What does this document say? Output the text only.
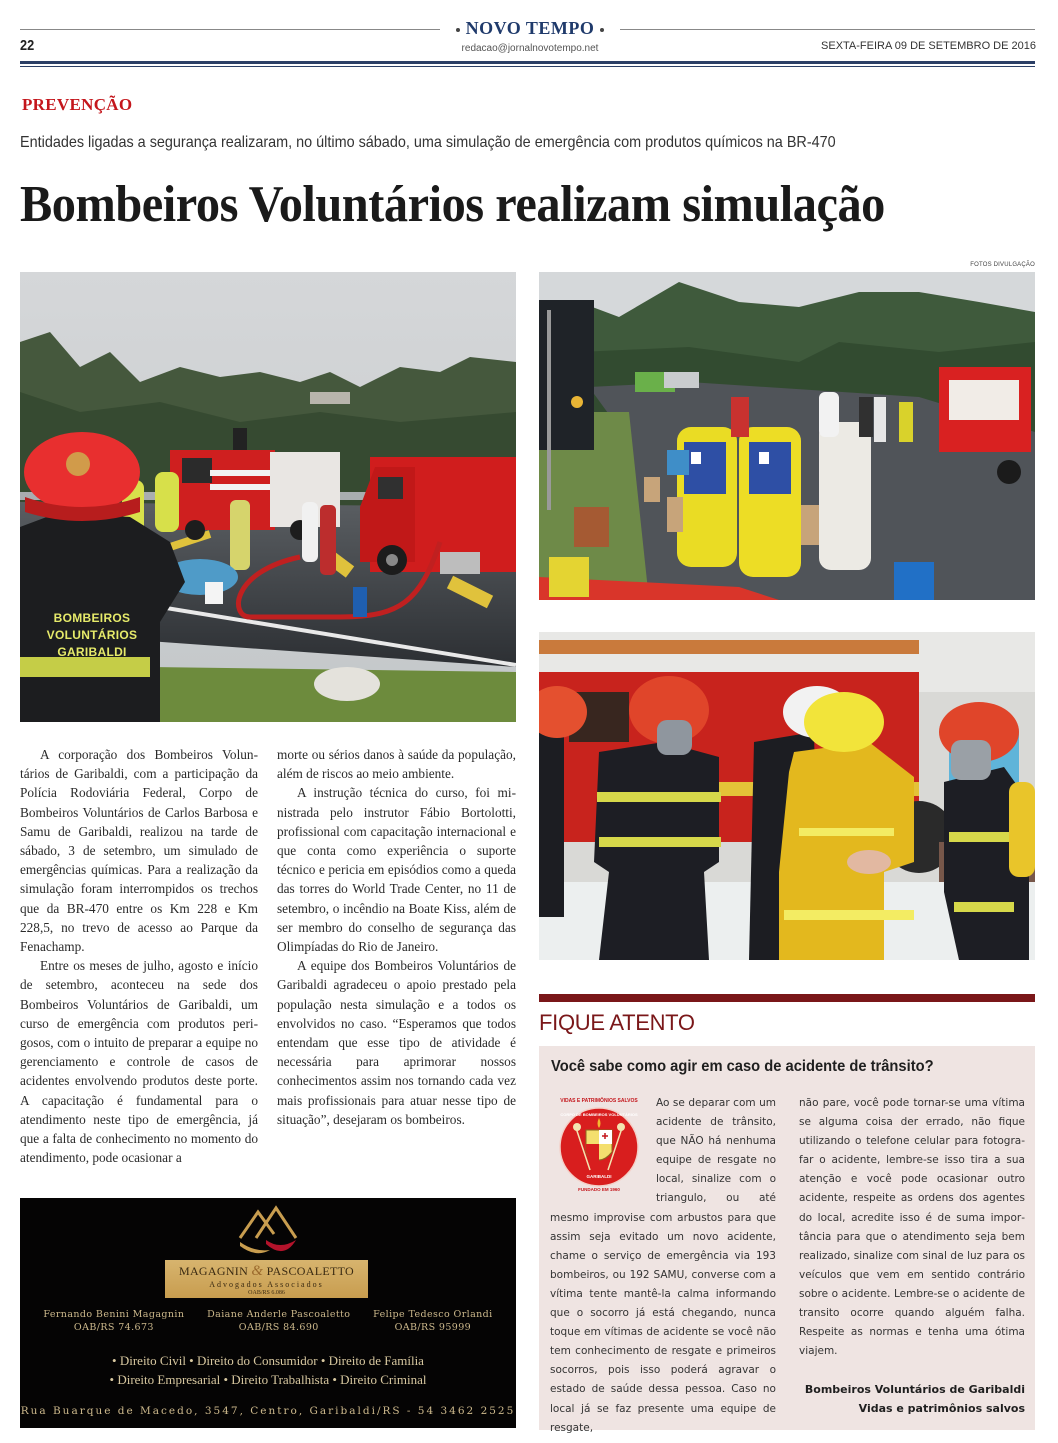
NOVO TEMPO
22	redacao@jornalnovotempo.net	SEXTA-FEIRA 09 DE SETEMBRO DE 2016
PREVENÇÃO
Entidades ligadas a segurança realizaram, no último sábado, uma simulação de emergência com produtos químicos na BR-470
Bombeiros Voluntários realizam simulação
FOTOS DIVULGAÇÃO
BOMBEIROS VOLUNTÁRIOS GARIBALDI

A corporação dos Bombeiros Voluntários de Garibaldi, com a participação da Polícia Rodoviária Federal, Corpo de Bombeiros Voluntários de Carlos Barbosa e Samu de Garibaldi, realizou na tarde de sábado, 3 de setembro, um simulado de emergências químicas. Para a realização da simulação foram interrompidos os trechos que da BR-470 entre os Km 228 e Km 228,5, no trevo de acesso ao Parque da Fenachamp.

Entre os meses de julho, agosto e início de setembro, aconteceu na sede dos Bombeiros Voluntários de Garibaldi, um curso de emergência com produtos perigosos, com o intuito de preparar a equipe no gerenciamento e controle de casos de acidentes envolvendo produtos deste porte. A capacitação é fundamental para o atendimento neste tipo de emergência, já que a falta de conhecimento no momento do atendimento, pode ocasionar a

morte ou sérios danos à saúde da população, além de riscos ao meio ambiente.

A instrução técnica do curso, foi ministrada pelo instrutor Fábio Bortolotti, profissional com capacitação internacional e que conta como experiência o suporte técnico e pericia em episódios como a queda das torres do World Trade Center, no 11 de setembro, o incêndio na Boate Kiss, além de ser membro do conselho de segurança das Olimpíadas do Rio de Janeiro.

A equipe dos Bombeiros Voluntários de Garibaldi agradeceu o apoio prestado pela população nesta simulação e a todos os envolvidos no caso. “Esperamos que todos entendam que esse tipo de atividade é necessária para aprimorar nossos conhecimentos assim nos tornando cada vez mais profissionais para atuar nesse tipo de situação”, desejaram os bombeiros.

MAGAGNIN & PASCOALETTO
Advogados Associados
OAB/RS 6.086
Fernando Benini Magagnin
OAB/RS 74.673
Daiane Anderle Pascoaletto
OAB/RS 84.690
Felipe Tedesco Orlandi
OAB/RS 95999
• Direito Civil • Direito do Consumidor • Direito de Família
• Direito Empresarial • Direito Trabalhista • Direito Criminal
Rua Buarque de Macedo, 3547, Centro, Garibaldi/RS - 54 3462 2525
FIQUE ATENTO
Você sabe como agir em caso de acidente de trânsito?
VIDAS E PATRIMÔNIOS SALVOS
GARIBALDI
FUNDADO EM 1960
CORPO DE BOMBEIROS VOLUNTÁRIOS
Ao se deparar com um acidente de trânsito, que NÃO há nenhuma equipe de resgate no local, sinalize com o triangulo, ou até mesmo improvise com arbustos para que assim seja evitado um novo acidente, chame o serviço de emergência via 193 bombeiros, ou 192 SAMU, converse com a vítima tente mantê-la calma informando que o socorro já está chegando, nunca toque em vítimas de acidente se você não tem conhecimento de resgate e primeiros socorros, pois isso poderá agravar o estado de saúde dessa pessoa. Caso no local já se faz presente uma equipe de resgate,
não pare, você pode tornar-se uma vítima se alguma coisa der errado, não fique utilizando o telefone celular para fotografar o acidente, lembre-se isso tira a sua atenção e você pode ocasionar outro acidente, respeite as ordens dos agentes do local, acredite isso é de suma importância para que o atendimento seja bem realizado, sinalize com sinal de luz para os veículos que vem em sentido contrário sobre o acidente. Lembre-se o acidente de transito ocorre quando alguém falha. Respeite as normas e tenha uma ótima viajem.
Bombeiros Voluntários de Garibaldi
Vidas e patrimônios salvos
